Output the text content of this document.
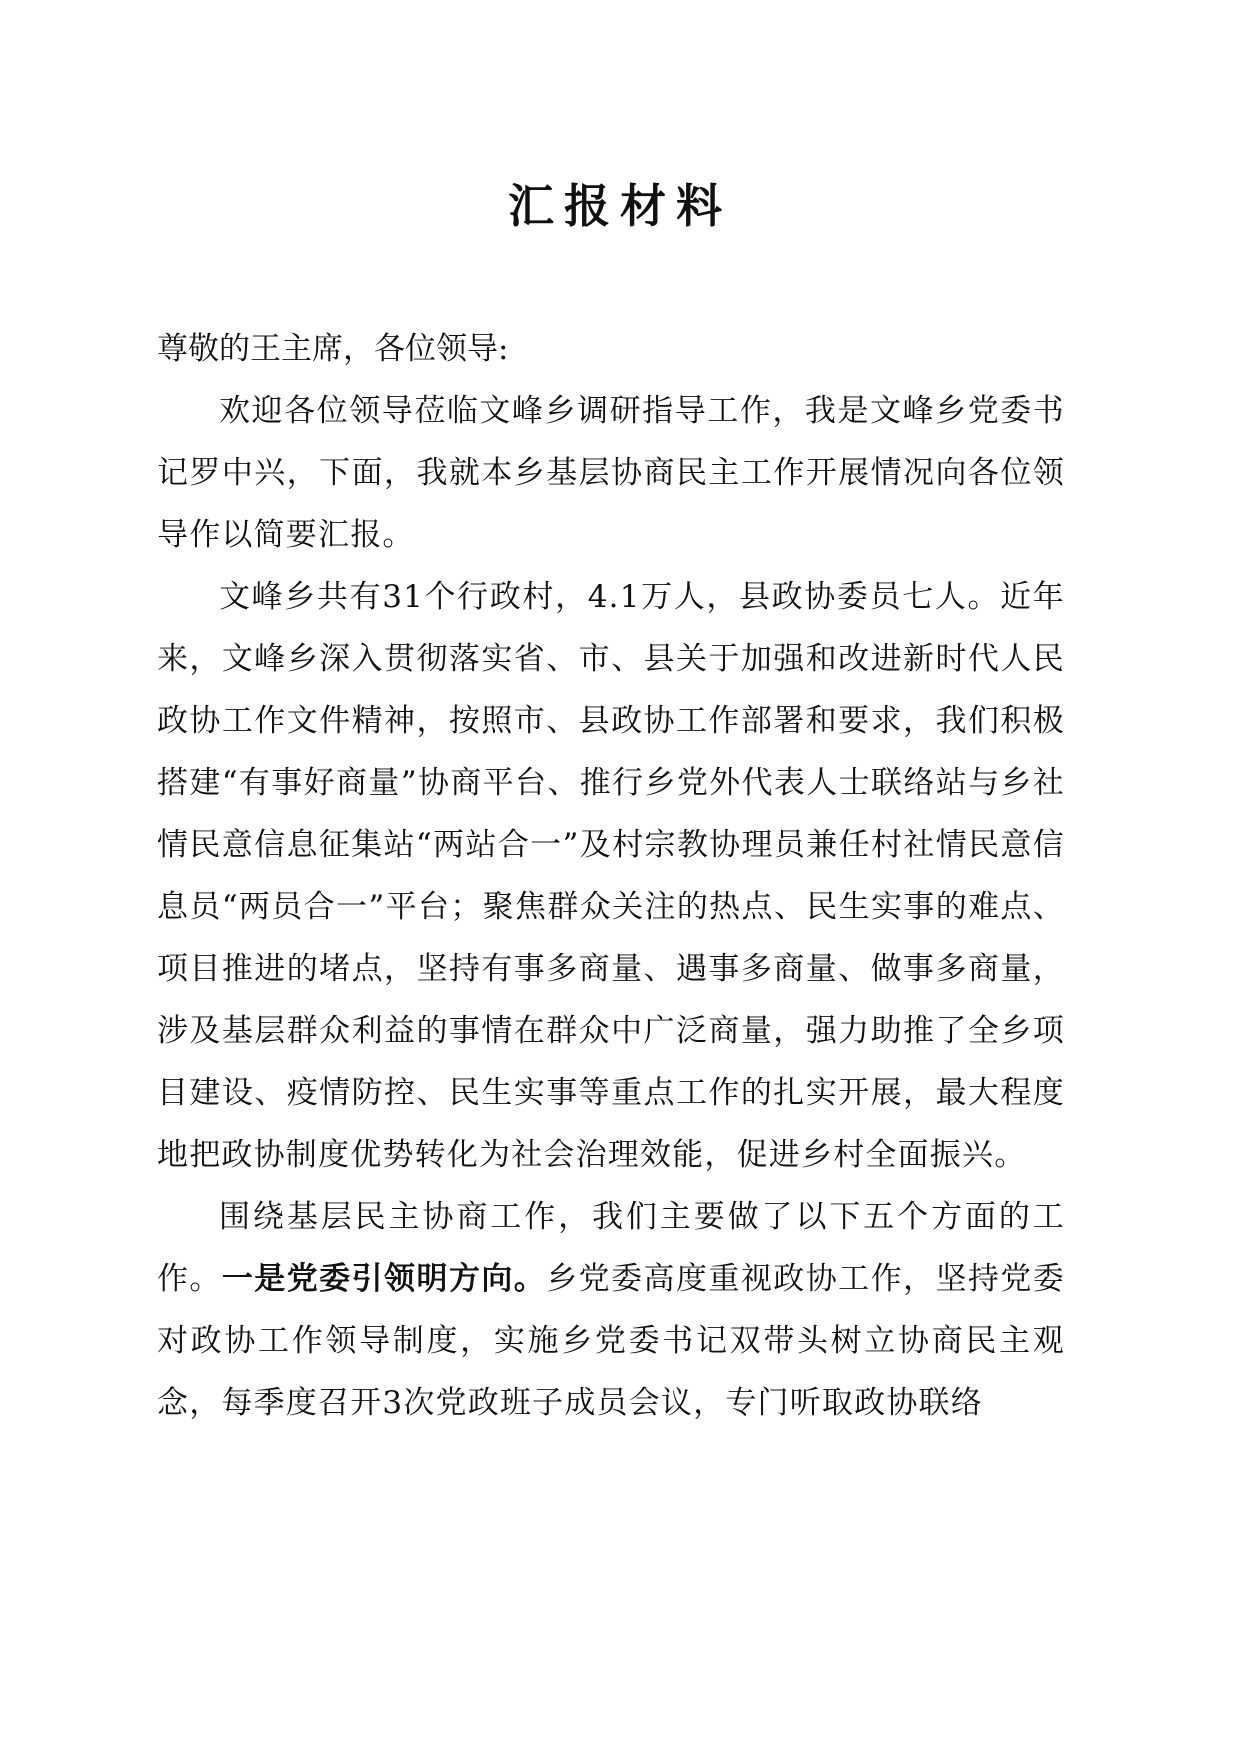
汇报材料

尊敬的王主席，各位领导:

欢迎各位领导莅临文峰乡调研指导工作，我是文峰乡党委书记罗中兴，下面，我就本乡基层协商民主工作开展情况向各位领导作以简要汇报。

文峰乡共有31个行政村，4.1万人，县政协委员七人。近年来，文峰乡深入贯彻落实省、市、县关于加强和改进新时代人民政协工作文件精神，按照市、县政协工作部署和要求，我们积极搭建“有事好商量”协商平台、推行乡党外代表人士联络站与乡社情民意信息征集站“两站合一”及村宗教协理员兼任村社情民意信息员“两员合一”平台；聚焦群众关注的热点、民生实事的难点、项目推进的堵点，坚持有事多商量、遇事多商量、做事多商量，涉及基层群众利益的事情在群众中广泛商量，强力助推了全乡项目建设、疫情防控、民生实事等重点工作的扎实开展，最大程度地把政协制度优势转化为社会治理效能，促进乡村全面振兴。

围绕基层民主协商工作，我们主要做了以下五个方面的工作。一是党委引领明方向。乡党委高度重视政协工作，坚持党委对政协工作领导制度，实施乡党委书记双带头树立协商民主观念，每季度召开3次党政班子成员会议，专门听取政协联络
